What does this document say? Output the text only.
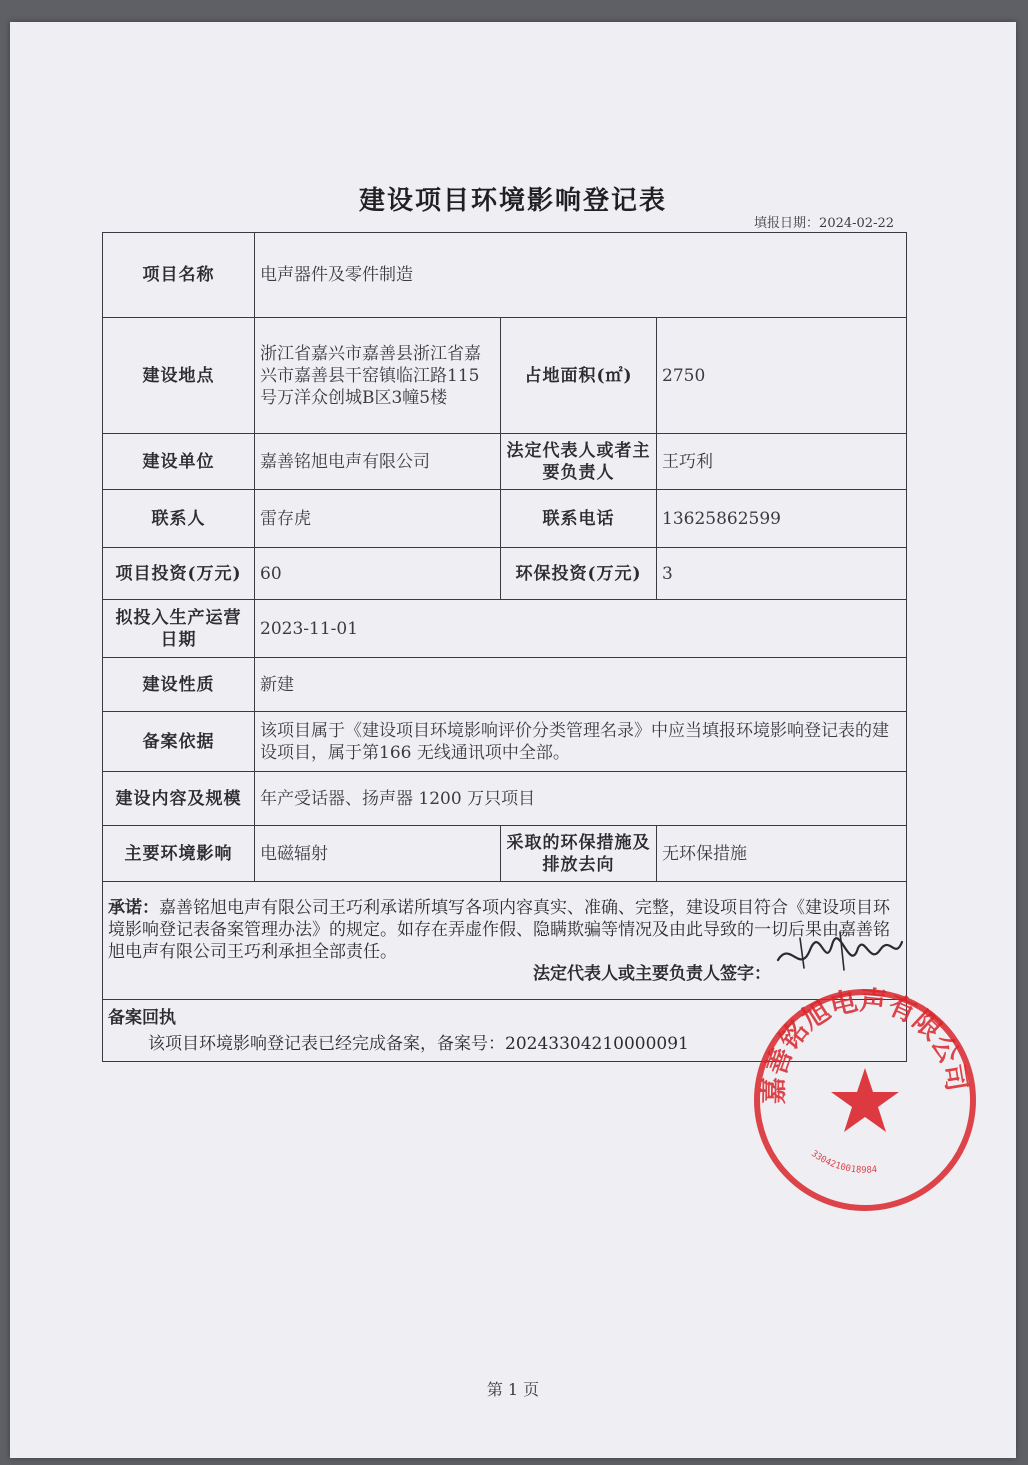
建设项目环境影响登记表
填报日期：2024-02-22
项目名称	电声器件及零件制造		
建设地点	浙江省嘉兴市嘉善县浙江省嘉兴市嘉善县干窑镇临江路115号万洋众创城B区3幢5楼	占地面积(㎡)	2750
建设单位	嘉善铭旭电声有限公司	法定代表人或者主要负责人	王巧利
联系人	雷存虎	联系电话	13625862599
项目投资(万元)	60	环保投资(万元)	3
拟投入生产运营日期	2023-11-01		
建设性质	新建		
备案依据	该项目属于《建设项目环境影响评价分类管理名录》中应当填报环境影响登记表的建设项目，属于第166 无线通讯项中全部。		
建设内容及规模	年产受话器、扬声器 1200 万只项目		
主要环境影响	电磁辐射	采取的环保措施及排放去向	无环保措施
承诺：嘉善铭旭电声有限公司王巧利承诺所填写各项内容真实、准确、完整，建设项目符合《建设项目环境影响登记表备案管理办法》的规定。如存在弄虚作假、隐瞒欺骗等情况及由此导致的一切后果由嘉善铭旭电声有限公司王巧利承担全部责任。
法定代表人或主要负责人签字：			

备案回执
该项目环境影响登记表已经完成备案，备案号：20243304210000091			
嘉善铭旭电声有限公司
3304210018984
第 1 页
